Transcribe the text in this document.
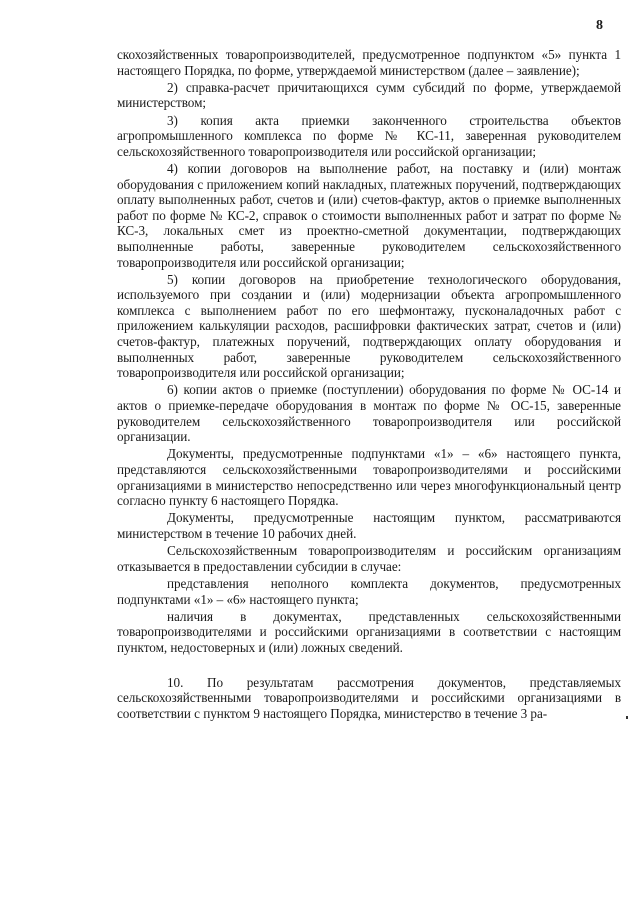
8

скохозяйственных товаропроизводителей, предусмотренное подпунктом «5» пункта 1 настоящего Порядка, по форме, утверждаемой министерством (далее – заявление);

2) справка-расчет причитающихся сумм субсидий по форме, утверждаемой министерством;

3) копия акта приемки законченного строительства объектов агропромышленного комплекса по форме № КС-11, заверенная руководителем сельскохозяйственного товаропроизводителя или российской организации;

4) копии договоров на выполнение работ, на поставку и (или) монтаж оборудования с приложением копий накладных, платежных поручений, подтверждающих оплату выполненных работ, счетов и (или) счетов-фактур, актов о приемке выполненных работ по форме № КС-2, справок о стоимости выполненных работ и затрат по форме № КС-3, локальных смет из проектно-сметной документации, подтверждающих выполненные работы, заверенные руководителем сельскохозяйственного товаропроизводителя или российской организации;

5) копии договоров на приобретение технологического оборудования, используемого при создании и (или) модернизации объекта агропромышленного комплекса с выполнением работ по его шефмонтажу, пусконаладочных работ с приложением калькуляции расходов, расшифровки фактических затрат, счетов и (или) счетов-фактур, платежных поручений, подтверждающих оплату оборудования и выполненных работ, заверенные руководителем сельскохозяйственного товаропроизводителя или российской организации;

6) копии актов о приемке (поступлении) оборудования по форме № ОС-14 и актов о приемке-передаче оборудования в монтаж по форме № ОС-15, заверенные руководителем сельскохозяйственного товаропроизводителя или российской организации.

Документы, предусмотренные подпунктами «1» – «6» настоящего пункта, представляются сельскохозяйственными товаропроизводителями и российскими организациями в министерство непосредственно или через многофункциональный центр согласно пункту 6 настоящего Порядка.

Документы, предусмотренные настоящим пунктом, рассматриваются министерством в течение 10 рабочих дней.

Сельскохозяйственным товаропроизводителям и российским организациям отказывается в предоставлении субсидии в случае:

представления неполного комплекта документов, предусмотренных подпунктами «1» – «6» настоящего пункта;

наличия в документах, представленных сельскохозяйственными товаропроизводителями и российскими организациями в соответствии с настоящим пунктом, недостоверных и (или) ложных сведений.

10. По результатам рассмотрения документов, представляемых сельскохозяйственными товаропроизводителями и российскими организациями в соответствии с пунктом 9 настоящего Порядка, министерство в течение 3 ра-
